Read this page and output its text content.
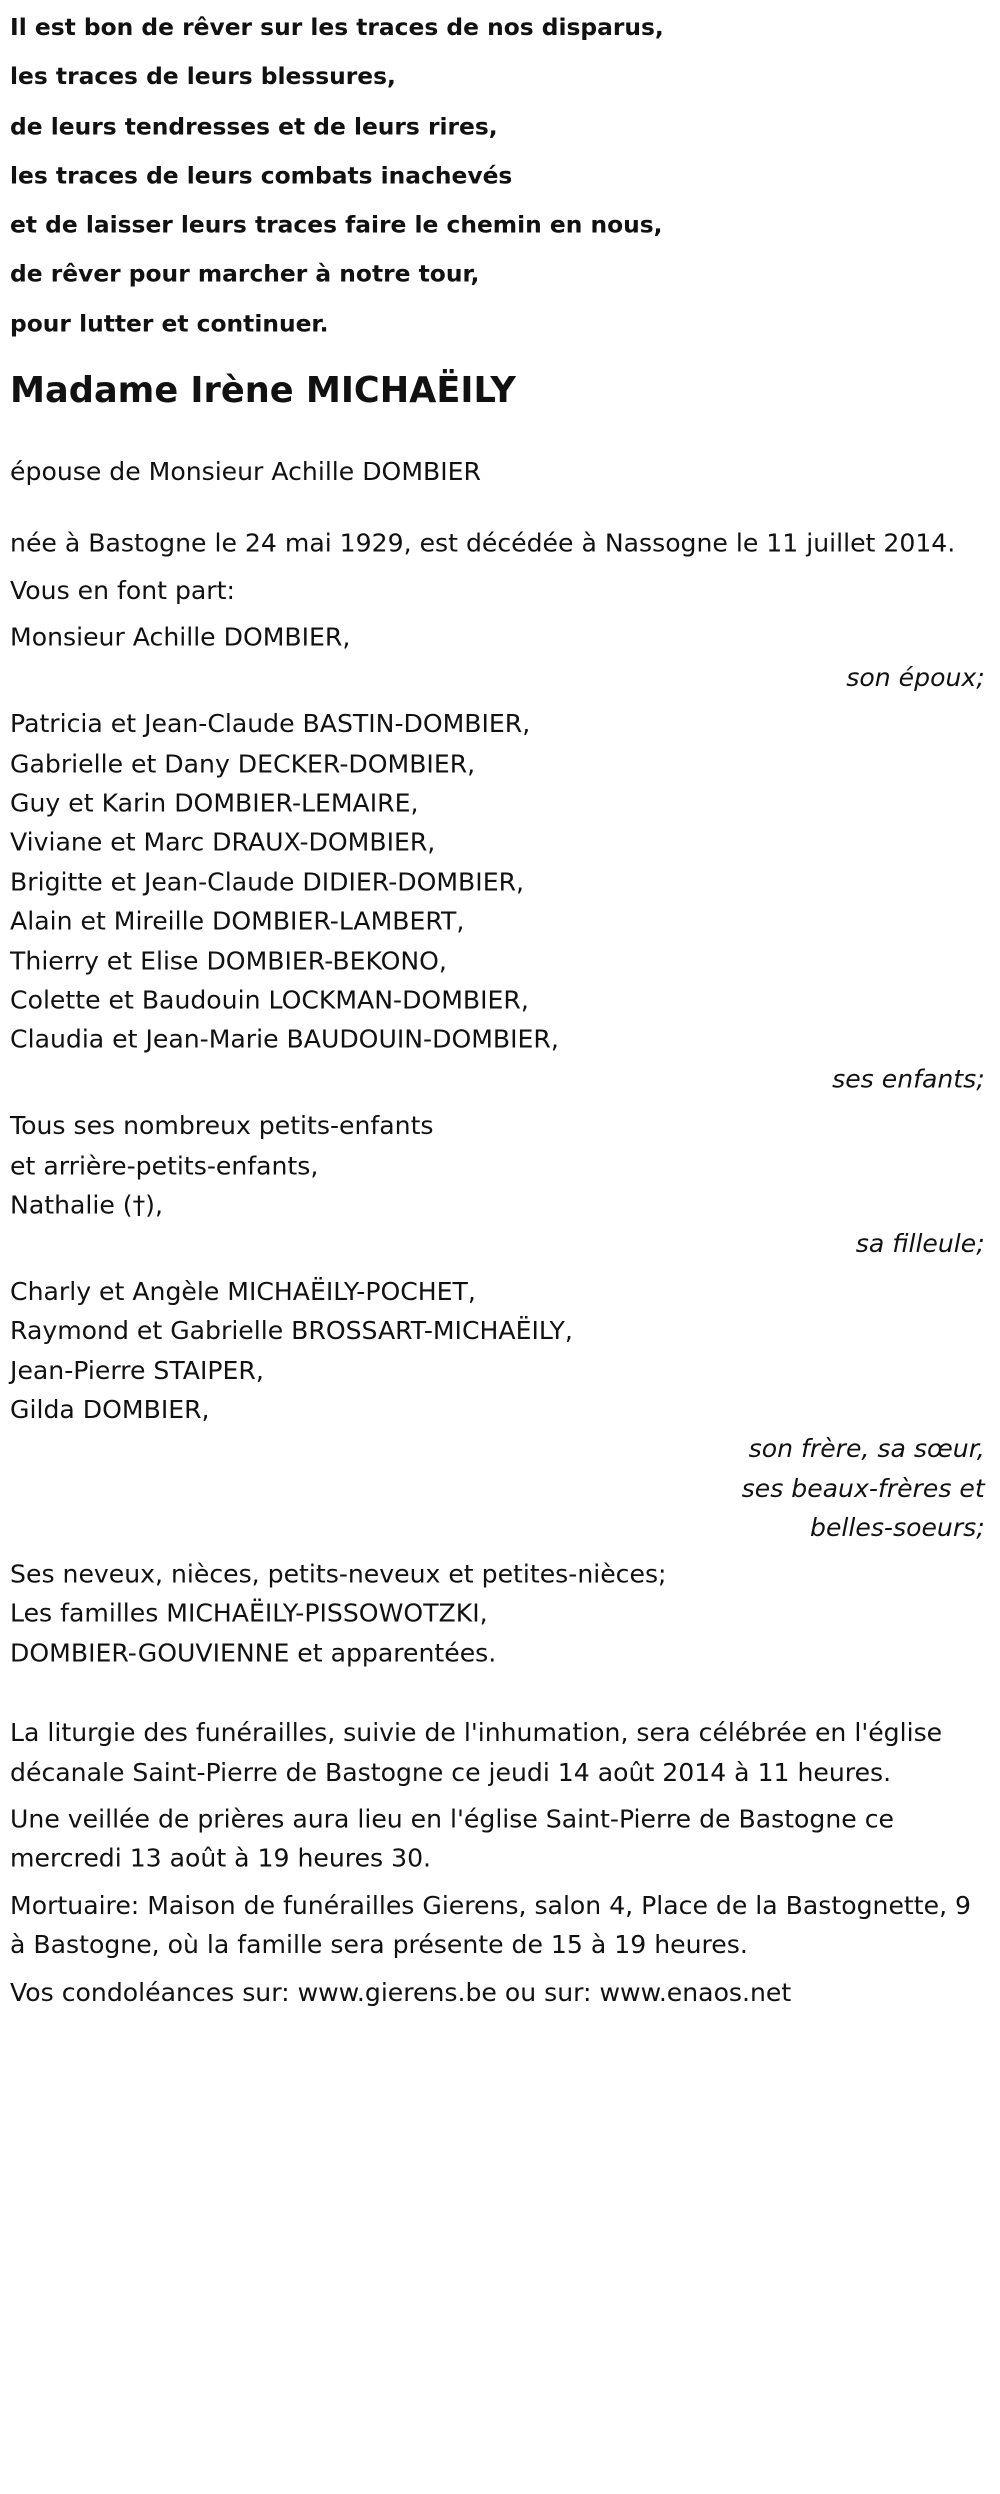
Il est bon de rêver sur les traces de nos disparus,
les traces de leurs blessures,
de leurs tendresses et de leurs rires,
les traces de leurs combats inachevés
et de laisser leurs traces faire le chemin en nous,
de rêver pour marcher à notre tour,
pour lutter et continuer.
Madame Irène MICHAËILY

épouse de Monsieur Achille DOMBIER

née à Bastogne le 24 mai 1929, est décédée à Nassogne le 11 juillet 2014.

Vous en font part:

Monsieur Achille DOMBIER,
son époux;
Patricia et Jean-Claude BASTIN-DOMBIER,
Gabrielle et Dany DECKER-DOMBIER,
Guy et Karin DOMBIER-LEMAIRE,
Viviane et Marc DRAUX-DOMBIER,
Brigitte et Jean-Claude DIDIER-DOMBIER,
Alain et Mireille DOMBIER-LAMBERT,
Thierry et Elise DOMBIER-BEKONO,
Colette et Baudouin LOCKMAN-DOMBIER,
Claudia et Jean-Marie BAUDOUIN-DOMBIER,
ses enfants;
Tous ses nombreux petits-enfants
et arrière-petits-enfants,
Nathalie (†),
sa filleule;
Charly et Angèle MICHAËILY-POCHET,
Raymond et Gabrielle BROSSART-MICHAËILY,
Jean-Pierre STAIPER,
Gilda DOMBIER,
son frère, sa sœur,
ses beaux-frères et
belles-soeurs;
Ses neveux, nièces, petits-neveux et petites-nièces;
Les familles MICHAËILY-PISSOWOTZKI,
DOMBIER-GOUVIENNE et apparentées.

La liturgie des funérailles, suivie de l'inhumation, sera célébrée en l'église décanale Saint-Pierre de Bastogne ce jeudi 14 août 2014 à 11 heures.

Une veillée de prières aura lieu en l'église Saint-Pierre de Bastogne ce mercredi 13 août à 19 heures 30.

Mortuaire: Maison de funérailles Gierens, salon 4, Place de la Bastognette, 9 à Bastogne, où la famille sera présente de 15 à 19 heures.

Vos condoléances sur: www.gierens.be ou sur: www.enaos.net
